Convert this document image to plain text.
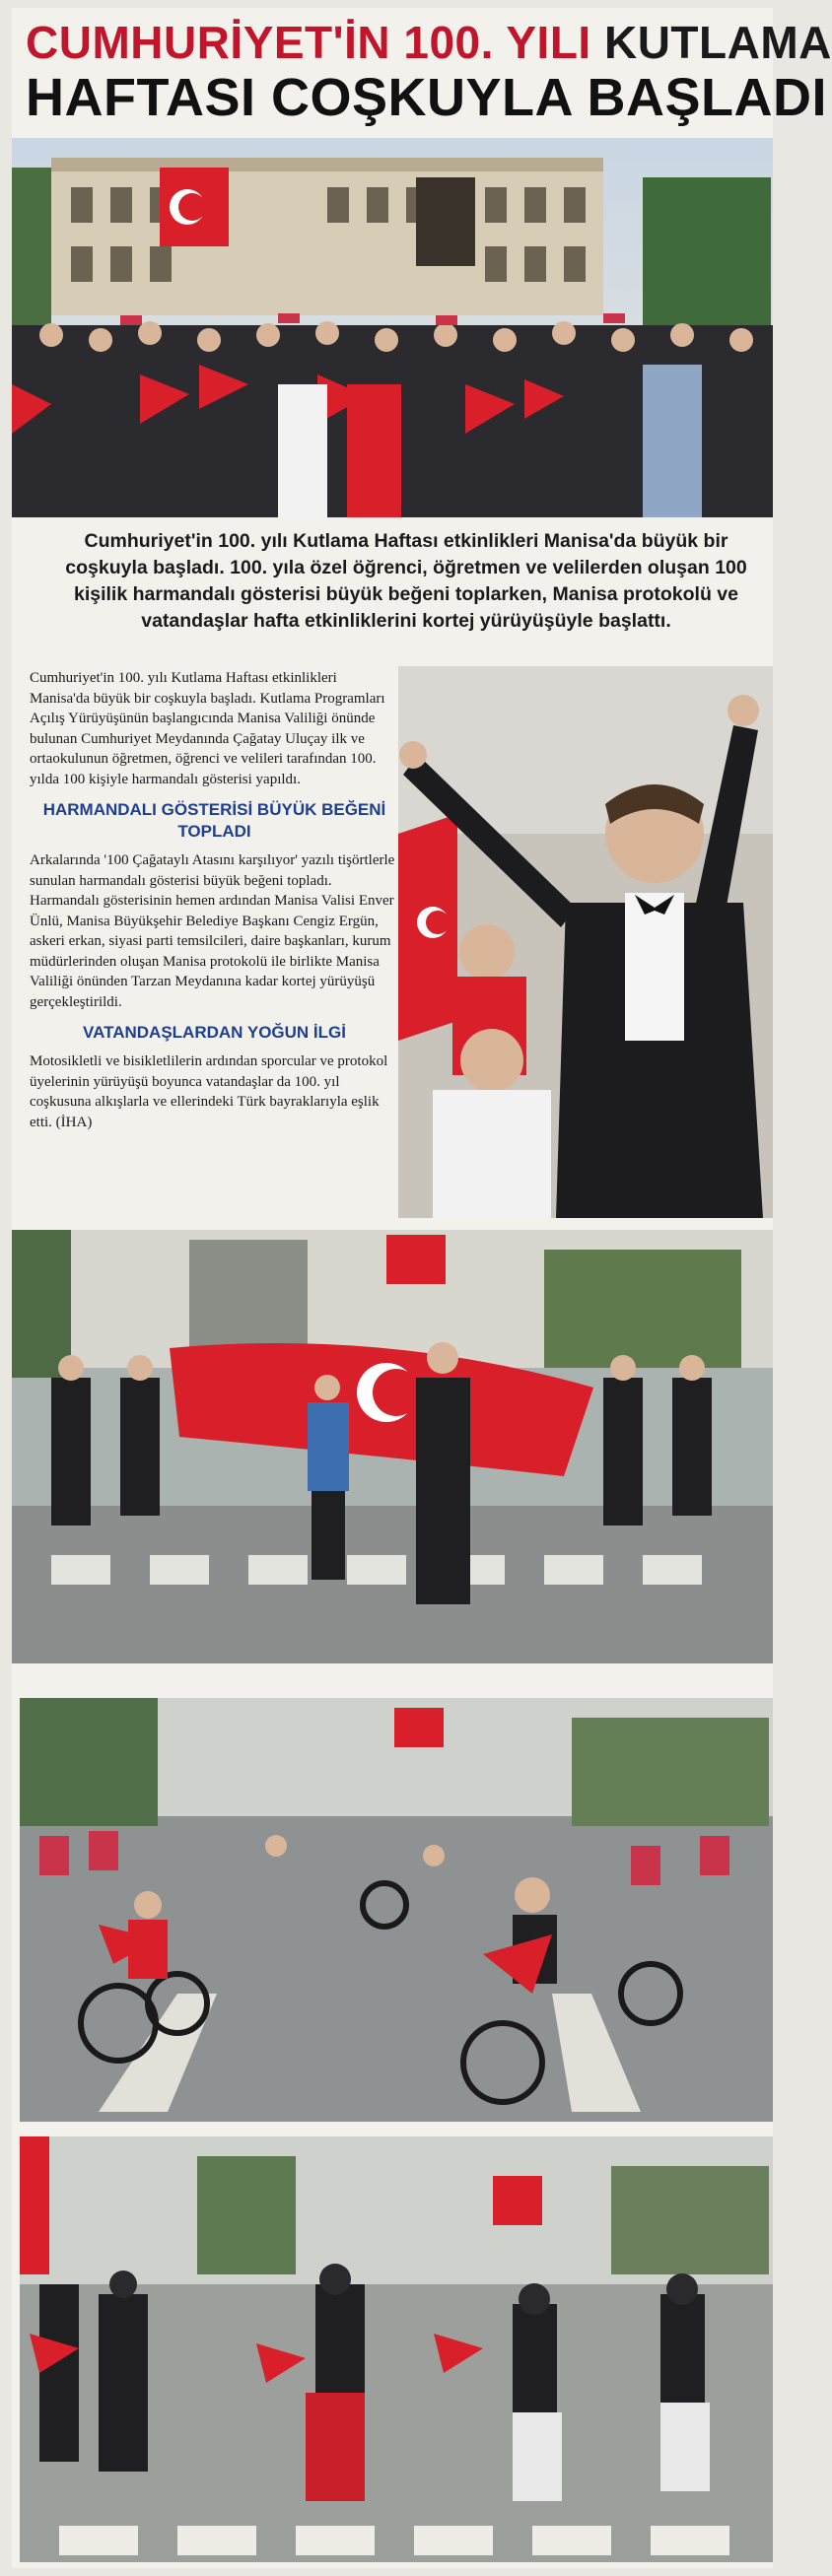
CUMHURİYET'İN 100. YILI KUTLAMA
HAFTASI COŞKUYLA BAŞLADI
Cumhuriyet'in 100. yılı Kutlama Haftası etkinlikleri Manisa'da büyük bir coşkuyla başladı. 100. yıla özel öğrenci, öğretmen ve velilerden oluşan 100 kişilik harmandalı gösterisi büyük beğeni toplarken, Manisa protokolü ve vatandaşlar hafta etkinliklerini kortej yürüyüşüyle başlattı.

Cumhuriyet'in 100. yılı Kutlama Haftası etkinlikleri Manisa'da büyük bir coşkuyla başladı. Kutlama Programları Açılış Yürüyüşünün başlangıcında Manisa Valiliği önünde bulunan Cumhuriyet Meydanında Çağatay Uluçay ilk ve ortaokulunun öğretmen, öğrenci ve velileri tarafından 100. yılda 100 kişiyle harmandalı gösterisi yapıldı.

HARMANDALI GÖSTERİSİ BÜYÜK BEĞENİ TOPLADI

Arkalarında '100 Çağataylı Atasını karşılıyor' yazılı tişörtlerle sunulan harmandalı gösterisi büyük beğeni topladı. Harmandalı gösterisinin hemen ardından Manisa Valisi Enver Ünlü, Manisa Büyükşehir Belediye Başkanı Cengiz Ergün, askeri erkan, siyasi parti temsilcileri, daire başkanları, kurum müdürlerinden oluşan Manisa protokolü ile birlikte Manisa Valiliği önünden Tarzan Meydanına kadar kortej yürüyüşü gerçekleştirildi.

VATANDAŞLARDAN YOĞUN İLGİ

Motosikletli ve bisikletlilerin ardından sporcular ve protokol üyelerinin yürüyüşü boyunca vatandaşlar da 100. yıl coşkusuna alkışlarla ve ellerindeki Türk bayraklarıyla eşlik etti. (İHA)
